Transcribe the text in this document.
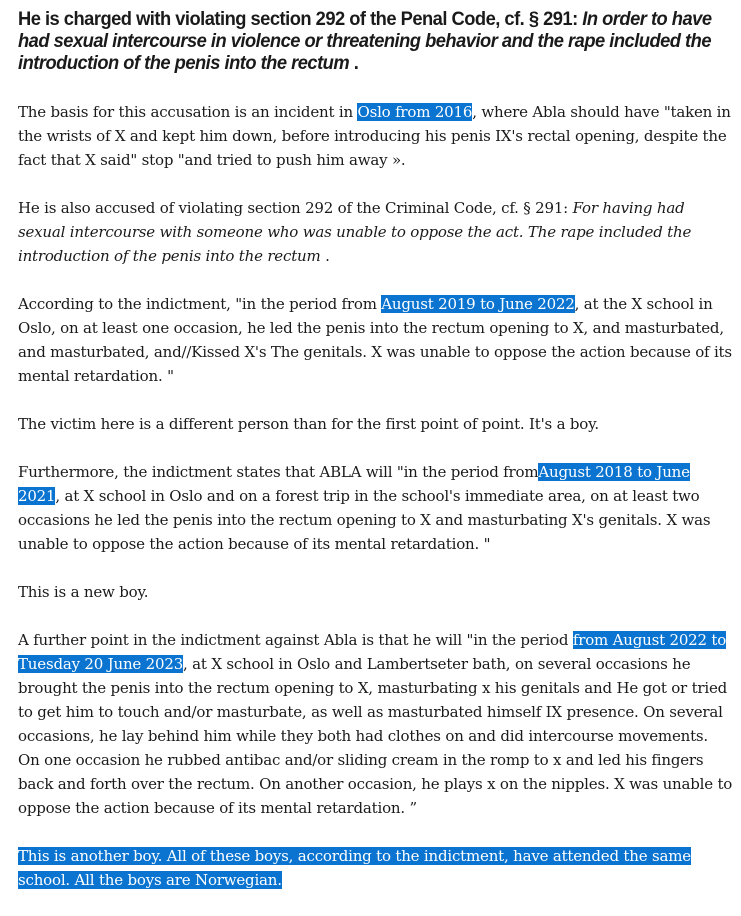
He is charged with violating section 292 of the Penal Code, cf. § 291: In order to have had sexual intercourse in violence or threatening behavior and the rape included the introduction of the penis into the rectum .

The basis for this accusation is an incident in Oslo from 2016, where Abla should have "taken in the wrists of X and kept him down, before introducing his penis IX's rectal opening, despite the fact that X said" stop "and tried to push him away ».

He is also accused of violating section 292 of the Criminal Code, cf. § 291: For having had sexual intercourse with someone who was unable to oppose the act. The rape included the introduction of the penis into the rectum .

According to the indictment, "in the period from August 2019 to June 2022, at the X school in Oslo, on at least one occasion, he led the penis into the rectum opening to X, and masturbated, and masturbated, and//Kissed X's The genitals. X was unable to oppose the action because of its mental retardation. "

The victim here is a different person than for the first point of point. It's a boy.

Furthermore, the indictment states that ABLA will "in the period fromAugust 2018 to June 2021, at X school in Oslo and on a forest trip in the school's immediate area, on at least two occasions he led the penis into the rectum opening to X and masturbating X's genitals. X was unable to oppose the action because of its mental retardation. "

This is a new boy.

A further point in the indictment against Abla is that he will "in the period from August 2022 to Tuesday 20 June 2023, at X school in Oslo and Lambertseter bath, on several occasions he brought the penis into the rectum opening to X, masturbating x his genitals and He got or tried to get him to touch and/or masturbate, as well as masturbated himself IX presence. On several occasions, he lay behind him while they both had clothes on and did intercourse movements. On one occasion he rubbed antibac and/or sliding cream in the romp to x and led his fingers back and forth over the rectum. On another occasion, he plays x on the nipples. X was unable to oppose the action because of its mental retardation. ”

This is another boy. All of these boys, according to the indictment, have attended the same school. All the boys are Norwegian.
